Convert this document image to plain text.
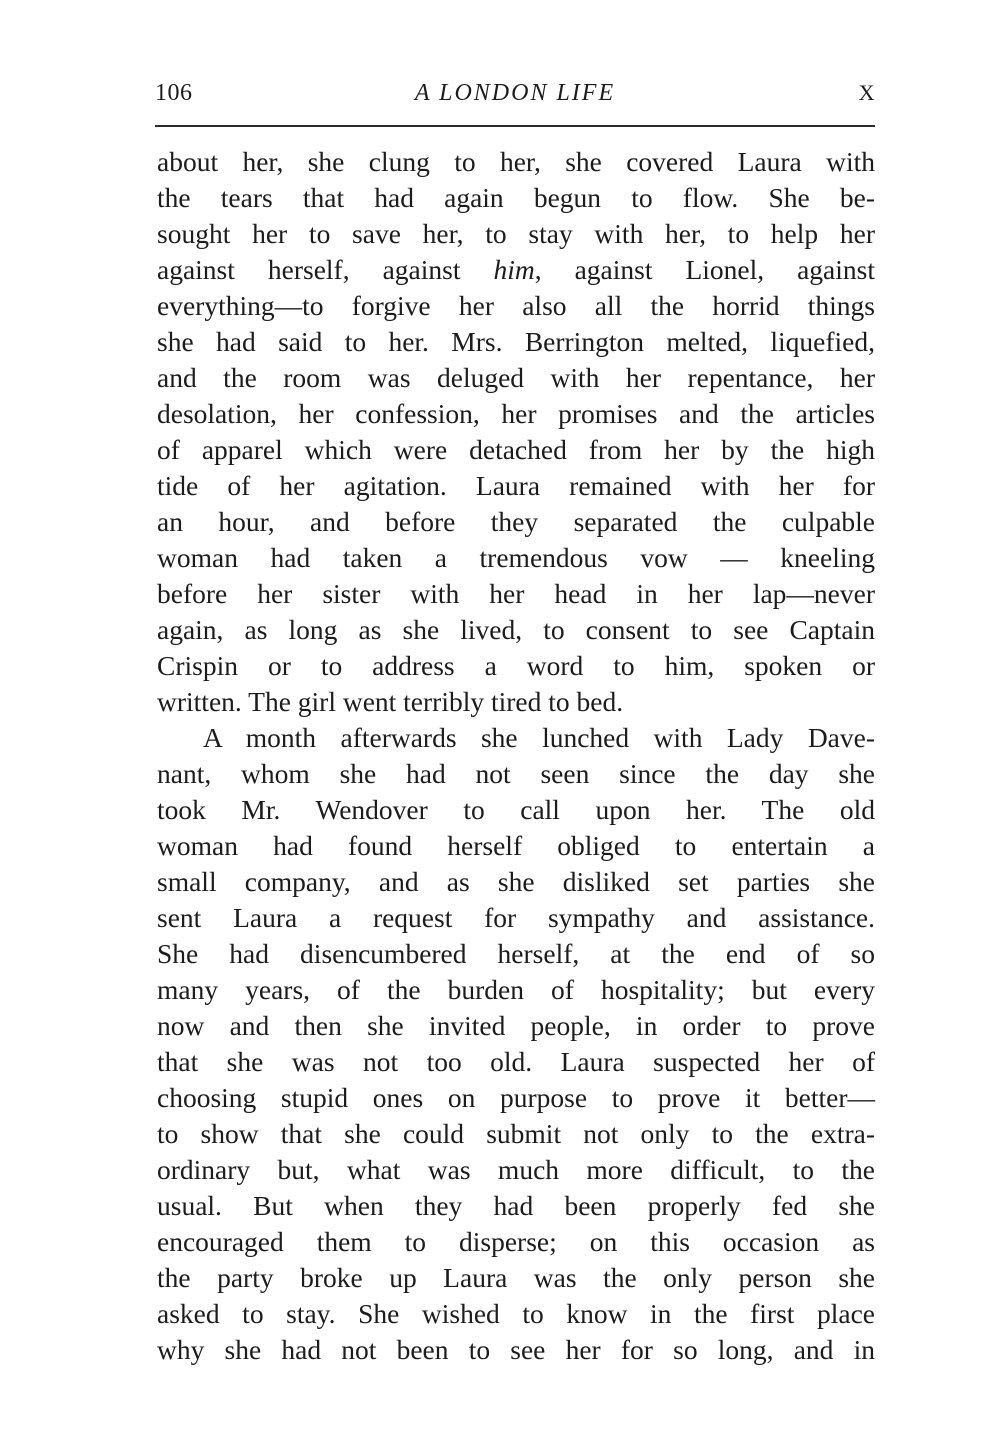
106	A LONDON LIFE	X
about her, she clung to her, she covered Laura with
the tears that had again begun to flow. She be-
sought her to save her, to stay with her, to help her
against herself, against him, against Lionel, against
everything—to forgive her also all the horrid things
she had said to her. Mrs. Berrington melted, liquefied,
and the room was deluged with her repentance, her
desolation, her confession, her promises and the articles
of apparel which were detached from her by the high
tide of her agitation. Laura remained with her for
an hour, and before they separated the culpable
woman had taken a tremendous vow — kneeling
before her sister with her head in her lap—never
again, as long as she lived, to consent to see Captain
Crispin or to address a word to him, spoken or
written. The girl went terribly tired to bed.
A month afterwards she lunched with Lady Dave-
nant, whom she had not seen since the day she
took Mr. Wendover to call upon her. The old
woman had found herself obliged to entertain a
small company, and as she disliked set parties she
sent Laura a request for sympathy and assistance.
She had disencumbered herself, at the end of so
many years, of the burden of hospitality; but every
now and then she invited people, in order to prove
that she was not too old. Laura suspected her of
choosing stupid ones on purpose to prove it better—
to show that she could submit not only to the extra-
ordinary but, what was much more difficult, to the
usual. But when they had been properly fed she
encouraged them to disperse; on this occasion as
the party broke up Laura was the only person she
asked to stay. She wished to know in the first place
why she had not been to see her for so long, and in
